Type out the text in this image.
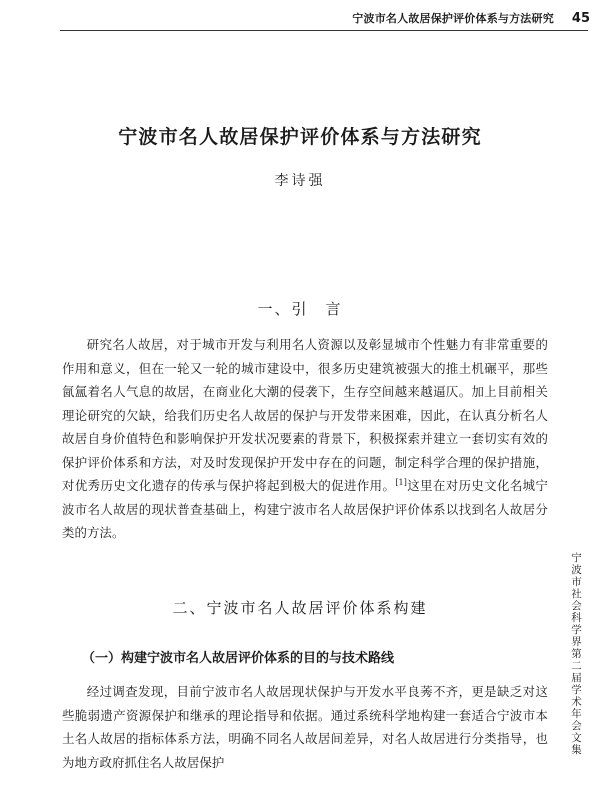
宁波市名人故居保护评价体系与方法研究 45
宁波市名人故居保护评价体系与方法研究
李诗强
一、引　言

研究名人故居，对于城市开发与利用名人资源以及彰显城市个性魅力有非常重要的作用和意义，但在一轮又一轮的城市建设中，很多历史建筑被强大的推土机碾平，那些氤氲着名人气息的故居，在商业化大潮的侵袭下，生存空间越来越逼仄。加上目前相关理论研究的欠缺，给我们历史名人故居的保护与开发带来困难，因此，在认真分析名人故居自身价值特色和影响保护开发状况要素的背景下，积极探索并建立一套切实有效的保护评价体系和方法，对及时发现保护开发中存在的问题，制定科学合理的保护措施，对优秀历史文化遗存的传承与保护将起到极大的促进作用。[1]这里在对历史文化名城宁波市名人故居的现状普查基础上，构建宁波市名人故居保护评价体系以找到名人故居分类的方法。

二、宁波市名人故居评价体系构建
（一）构建宁波市名人故居评价体系的目的与技术路线

经过调查发现，目前宁波市名人故居现状保护与开发水平良莠不齐，更是缺乏对这些脆弱遗产资源保护和继承的理论指导和依据。通过系统科学地构建一套适合宁波市本土名人故居的指标体系方法，明确不同名人故居间差异，对名人故居进行分类指导，也为地方政府抓住名人故居保护

宁波市社会科学界第二届学术年会文集
